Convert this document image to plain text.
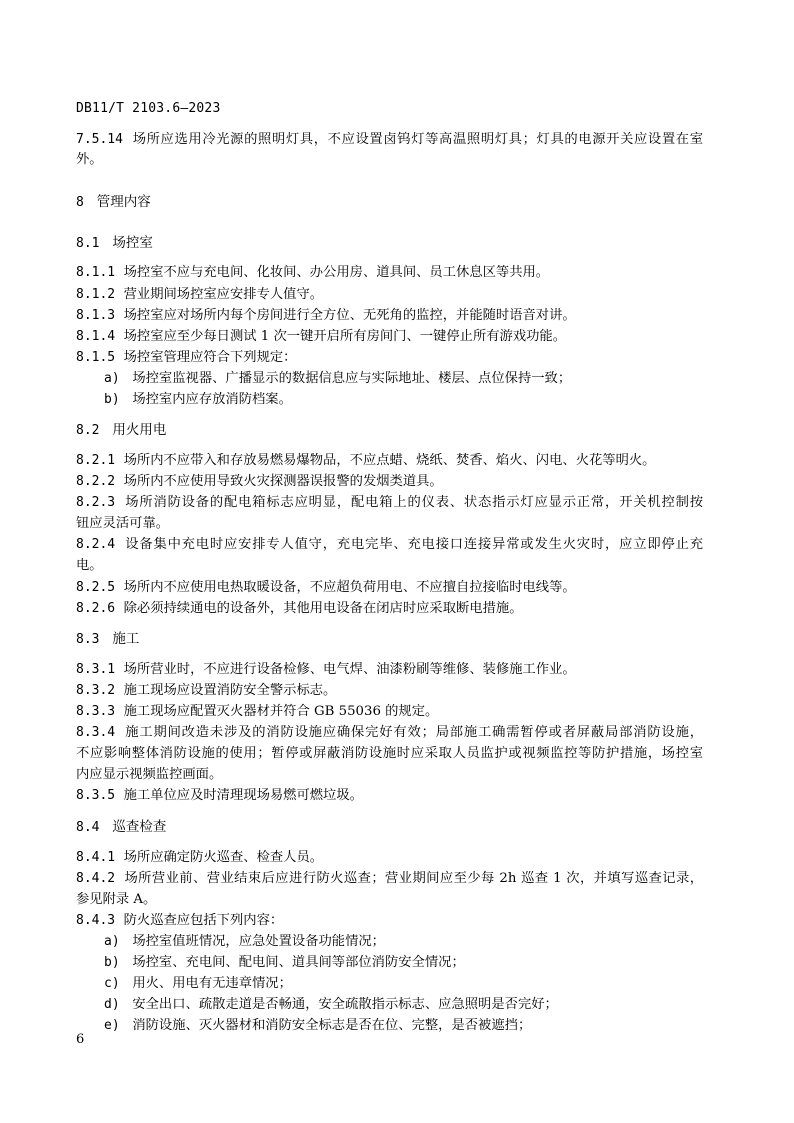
DB11/T 2103.6—2023
7.5.14 场所应选用冷光源的照明灯具，不应设置卤钨灯等高温照明灯具；灯具的电源开关应设置在室
外。
8 管理内容
8.1 场控室
8.1.1 场控室不应与充电间、化妆间、办公用房、道具间、员工休息区等共用。
8.1.2 营业期间场控室应安排专人值守。
8.1.3 场控室应对场所内每个房间进行全方位、无死角的监控，并能随时语音对讲。
8.1.4 场控室应至少每日测试 1 次一键开启所有房间门、一键停止所有游戏功能。
8.1.5 场控室管理应符合下列规定：
a) 场控室监视器、广播显示的数据信息应与实际地址、楼层、点位保持一致；
b) 场控室内应存放消防档案。
8.2 用火用电
8.2.1 场所内不应带入和存放易燃易爆物品，不应点蜡、烧纸、焚香、焰火、闪电、火花等明火。
8.2.2 场所内不应使用导致火灾探测器误报警的发烟类道具。
8.2.3 场所消防设备的配电箱标志应明显，配电箱上的仪表、状态指示灯应显示正常，开关机控制按
钮应灵活可靠。
8.2.4 设备集中充电时应安排专人值守，充电完毕、充电接口连接异常或发生火灾时，应立即停止充
电。
8.2.5 场所内不应使用电热取暖设备，不应超负荷用电、不应擅自拉接临时电线等。
8.2.6 除必须持续通电的设备外，其他用电设备在闭店时应采取断电措施。
8.3 施工
8.3.1 场所营业时，不应进行设备检修、电气焊、油漆粉刷等维修、装修施工作业。
8.3.2 施工现场应设置消防安全警示标志。
8.3.3 施工现场应配置灭火器材并符合 GB 55036 的规定。
8.3.4 施工期间改造未涉及的消防设施应确保完好有效；局部施工确需暂停或者屏蔽局部消防设施，
不应影响整体消防设施的使用；暂停或屏蔽消防设施时应采取人员监护或视频监控等防护措施，场控室
内应显示视频监控画面。
8.3.5 施工单位应及时清理现场易燃可燃垃圾。
8.4 巡查检查
8.4.1 场所应确定防火巡查、检查人员。
8.4.2 场所营业前、营业结束后应进行防火巡查；营业期间应至少每 2h 巡查 1 次，并填写巡查记录，
参见附录 A。
8.4.3 防火巡查应包括下列内容：
a) 场控室值班情况，应急处置设备功能情况；
b) 场控室、充电间、配电间、道具间等部位消防安全情况；
c) 用火、用电有无违章情况；
d) 安全出口、疏散走道是否畅通，安全疏散指示标志、应急照明是否完好；
e) 消防设施、灭火器材和消防安全标志是否在位、完整，是否被遮挡；
6
